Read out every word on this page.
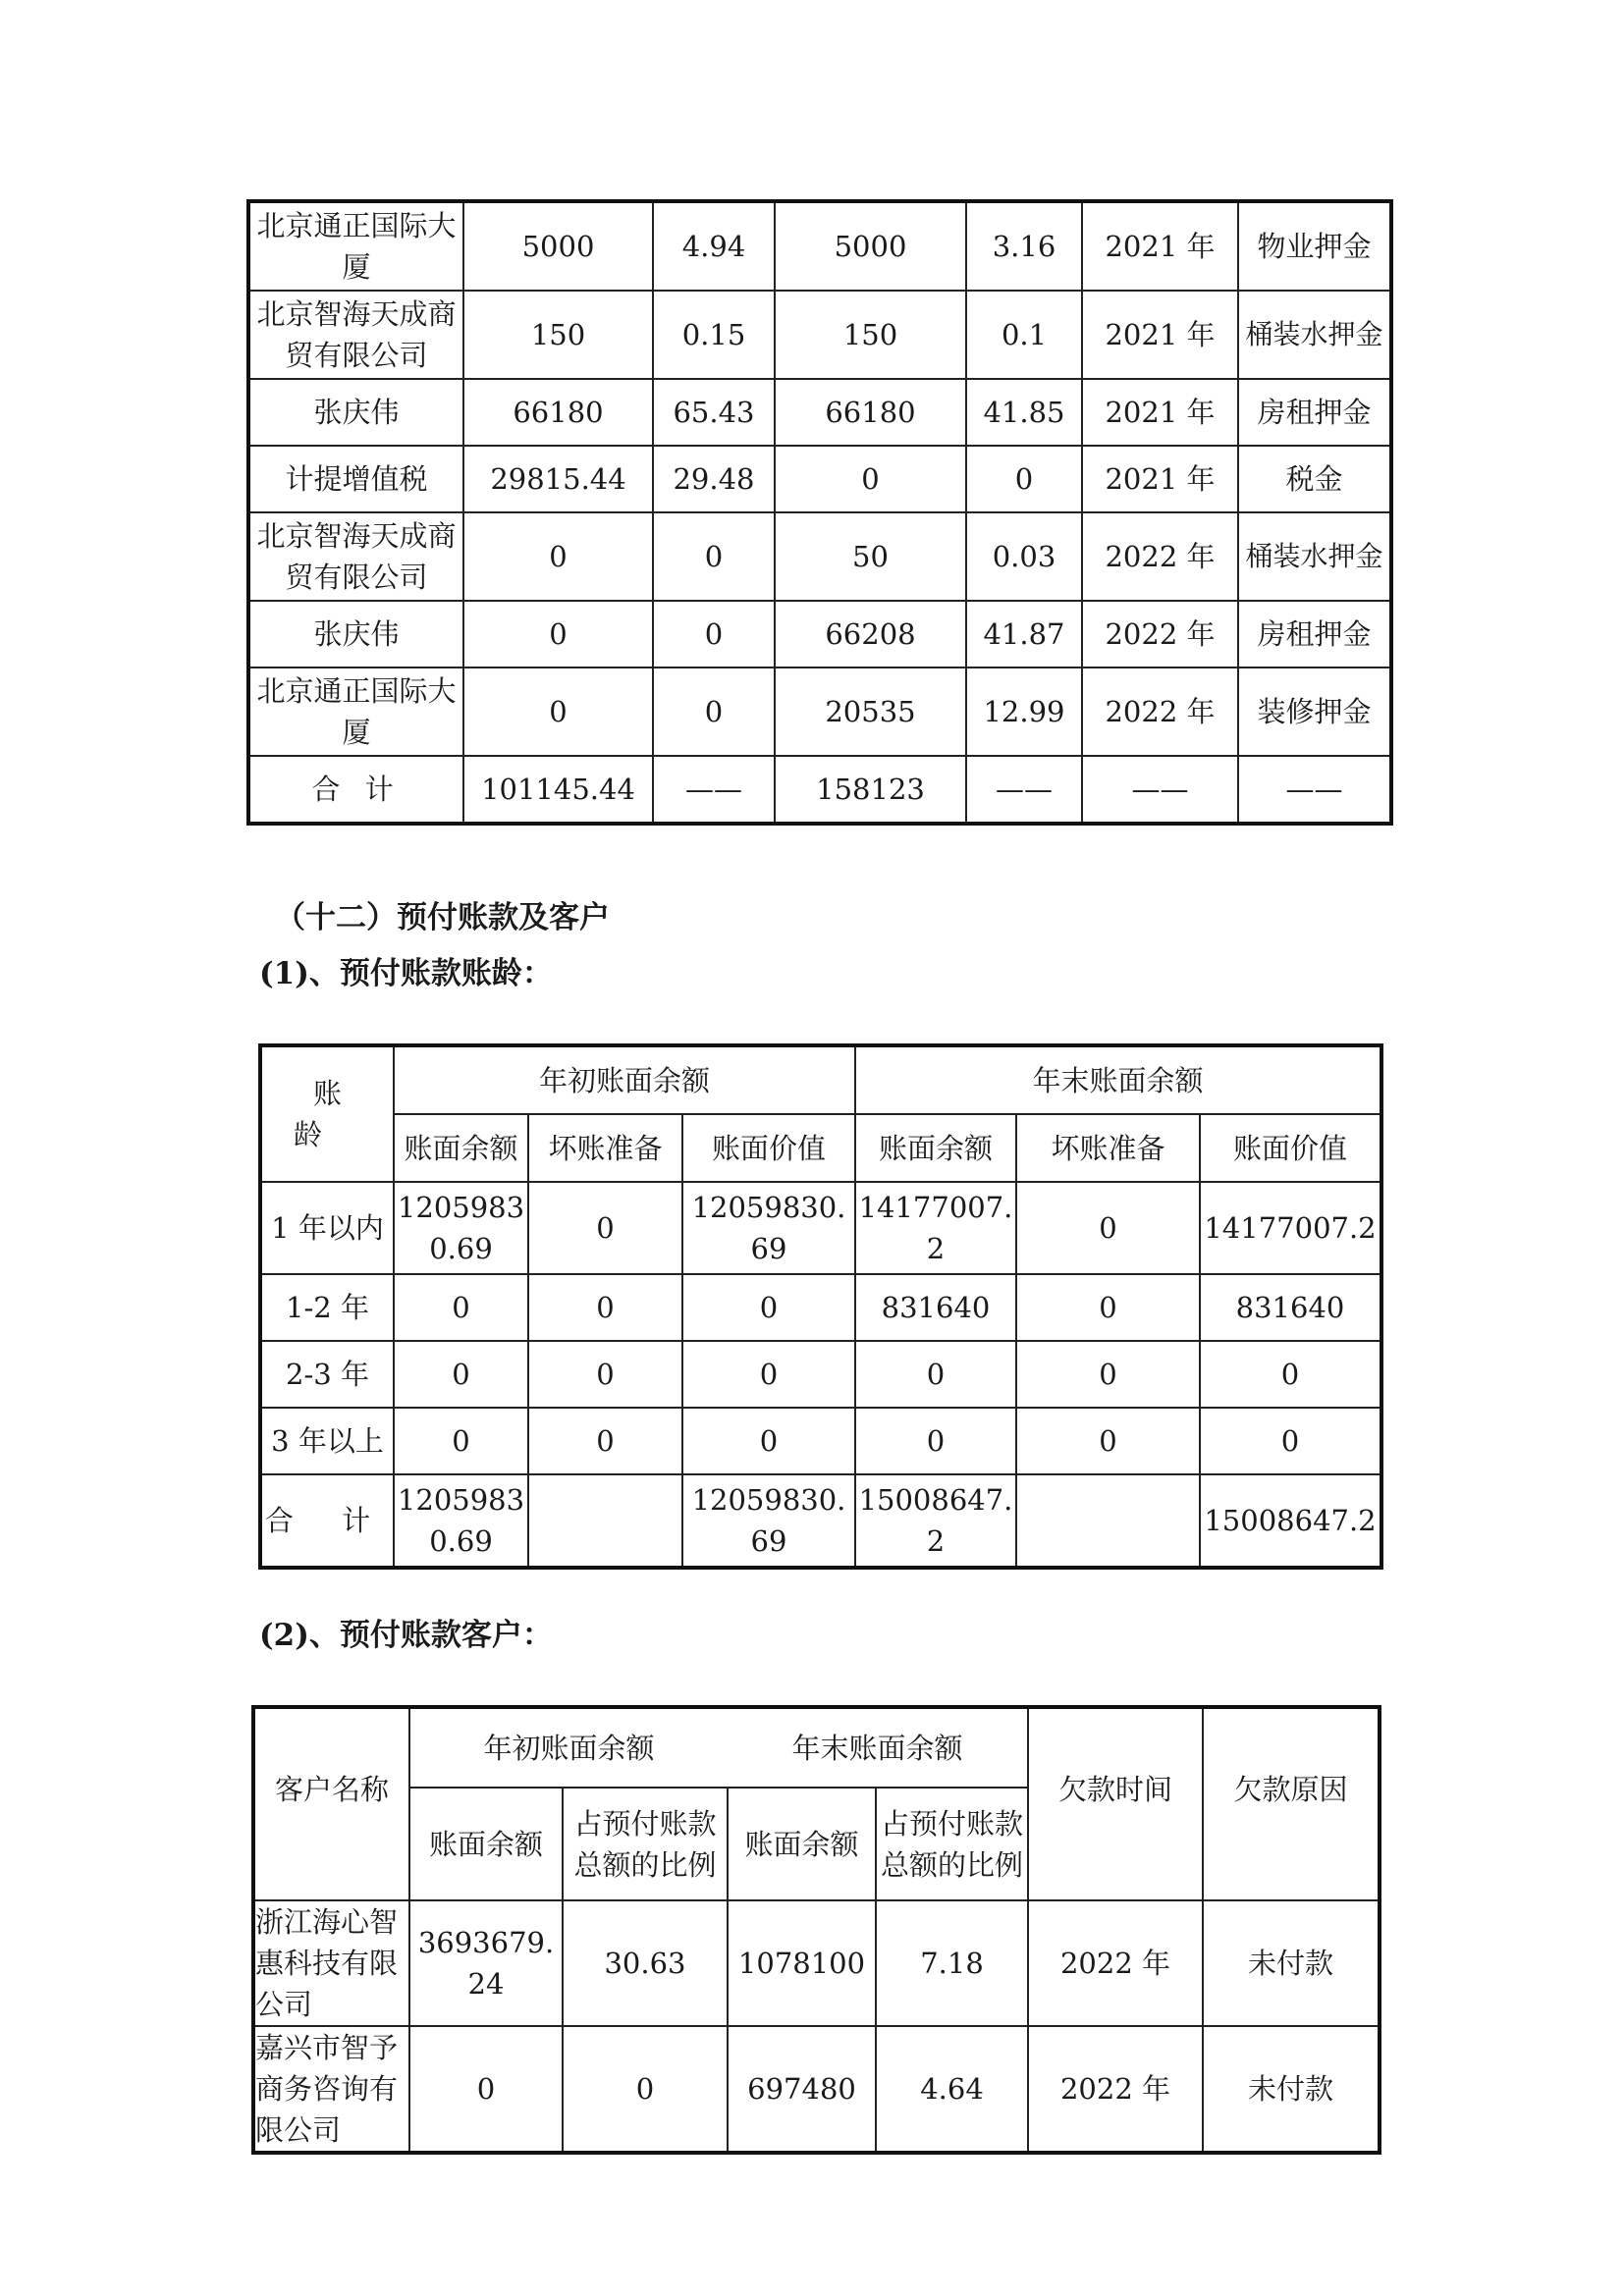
北京通正国际大厦	5000	4.94	5000	3.16	2021 年	物业押金
北京智海天成商贸有限公司	150	0.15	150	0.1	2021 年	桶装水押金
张庆伟	66180	65.43	66180	41.85	2021 年	房租押金
计提增值税	29815.44	29.48	0	0	2021 年	税金
北京智海天成商贸有限公司	0	0	50	0.03	2022 年	桶装水押金
张庆伟	0	0	66208	41.87	2022 年	房租押金
北京通正国际大厦	0	0	20535	12.99	2022 年	装修押金
合 计	101145.44	——	158123	——	——	——

（十二）预付账款及客户

(1)、预付账款账龄：

账 龄	年初账面余额			年末账面余额		
	账面余额	坏账准备	账面价值	账面余额	坏账准备	账面价值
1 年以内	12059830.69	0	12059830.69	14177007.2	0	14177007.2
1-2 年	0	0	0	831640	0	831640
2-3 年	0	0	0	0	0	0
3 年以上	0	0	0	0	0	0
合 计	12059830.69		12059830.69	15008647.2		15008647.2

(2)、预付账款客户：

客户名称	年初账面余额		年末账面余额		欠款时间	欠款原因
	账面余额	占预付账款总额的比例	账面余额	占预付账款总额的比例		
浙江海心智惠科技有限公司	3693679.24	30.63	1078100	7.18	2022 年	未付款
嘉兴市智予商务咨询有限公司	0	0	697480	4.64	2022 年	未付款
